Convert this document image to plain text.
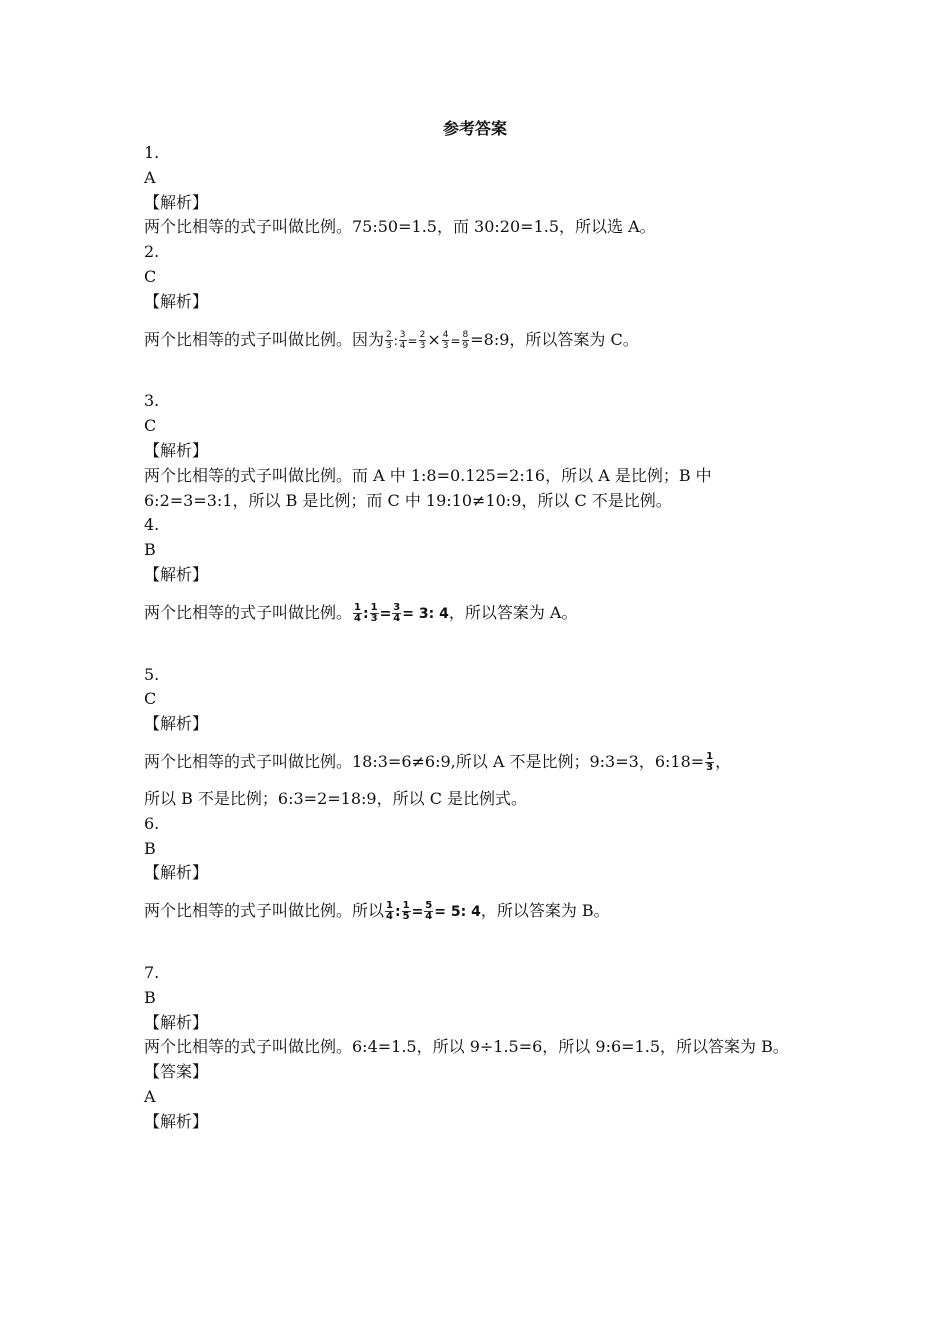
参考答案
1.
A
【解析】
两个比相等的式子叫做比例。75:50=1.5，而 30:20=1.5，所以选 A。
2.
C
【解析】
两个比相等的式子叫做比例。因为 $\frac{2}{3}$ : $\frac{3}{4} = \frac{2}{3} \times \frac{4}{3} = \frac{8}{9}$ =8:9，所以答案为 C。
3.
C
【解析】
两个比相等的式子叫做比例。而 A 中 1:8=0.125=2:16，所以 A 是比例；B 中
6:2=3=3:1，所以 B 是比例；而 C 中 19:10≠10:9，所以 C 不是比例。
4.
B
【解析】
两个比相等的式子叫做比例。 $\frac{1}{4}$ : $\frac{1}{3} = \frac{3}{4} = 3$: 4，所以答案为 A。
5.
C
【解析】
两个比相等的式子叫做比例。18:3=6≠6:9,所以 A 不是比例；9:3=3，6:18= $\frac{1}{3}$ ，
所以 B 不是比例；6:3=2=18:9，所以 C 是比例式。
6.
B
【解析】
两个比相等的式子叫做比例。所以 $\frac{1}{4}$ : $\frac{1}{5} = \frac{5}{4} = 5$: 4，所以答案为 B。
7.
B
【解析】
两个比相等的式子叫做比例。6:4=1.5，所以 9÷1.5=6，所以 9:6=1.5，所以答案为 B。
【答案】
A
【解析】
